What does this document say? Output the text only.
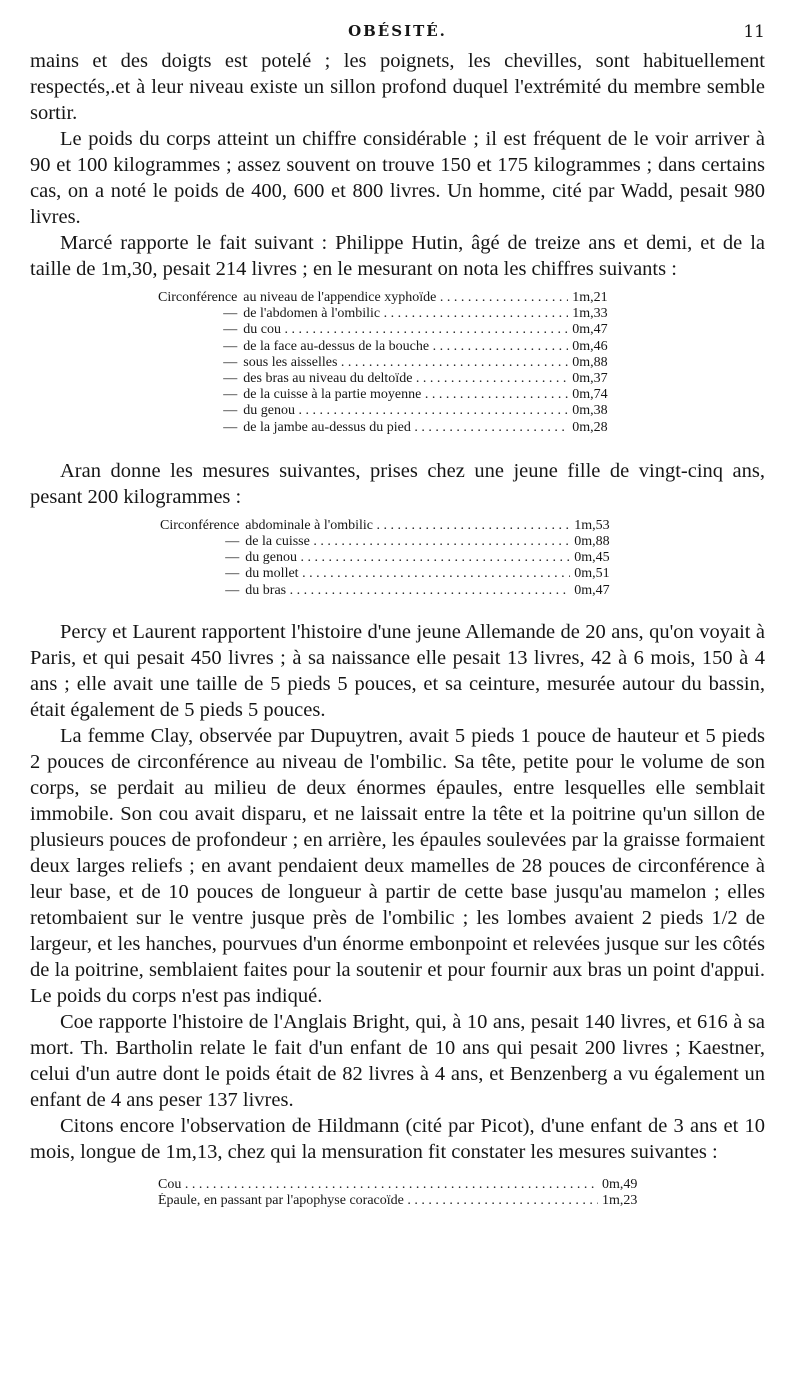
OBÉSITÉ.	11

mains et des doigts est potelé ; les poignets, les chevilles, sont habituellement respectés,.et à leur niveau existe un sillon profond duquel l'extrémité du membre semble sortir.

Le poids du corps atteint un chiffre considérable ; il est fréquent de le voir arriver à 90 et 100 kilogrammes ; assez souvent on trouve 150 et 175 kilogrammes ; dans certains cas, on a noté le poids de 400, 600 et 800 livres. Un homme, cité par Wadd, pesait 980 livres.

Marcé rapporte le fait suivant : Philippe Hutin, âgé de treize ans et demi, et de la taille de 1m,30, pesait 214 livres ; en le mesurant on nota les chiffres suivants :

Circonférence	au niveau de l'appendice xyphoïde . . .	1m,21
—	de l'abdomen à l'ombilic . . .	1m,33
—	du cou . . .	0m,47
—	de la face au-dessus de la bouche . . .	0m,46
—	sous les aisselles . . .	0m,88
—	des bras au niveau du deltoïde . . .	0m,37
—	de la cuisse à la partie moyenne . . .	0m,74
—	du genou . . .	0m,38
—	de la jambe au-dessus du pied . . .	0m,28

Aran donne les mesures suivantes, prises chez une jeune fille de vingt-cinq ans, pesant 200 kilogrammes :

Circonférence	abdominale à l'ombilic . . .	1m,53
—	de la cuisse . . .	0m,88
—	du genou . . .	0m,45
—	du mollet . . .	0m,51
—	du bras . . .	0m,47

Percy et Laurent rapportent l'histoire d'une jeune Allemande de 20 ans, qu'on voyait à Paris, et qui pesait 450 livres ; à sa naissance elle pesait 13 livres, 42 à 6 mois, 150 à 4 ans ; elle avait une taille de 5 pieds 5 pouces, et sa ceinture, mesurée autour du bassin, était également de 5 pieds 5 pouces.

La femme Clay, observée par Dupuytren, avait 5 pieds 1 pouce de hauteur et 5 pieds 2 pouces de circonférence au niveau de l'ombilic. Sa tête, petite pour le volume de son corps, se perdait au milieu de deux énormes épaules, entre lesquelles elle semblait immobile. Son cou avait disparu, et ne laissait entre la tête et la poitrine qu'un sillon de plusieurs pouces de profondeur ; en arrière, les épaules soulevées par la graisse formaient deux larges reliefs ; en avant pendaient deux mamelles de 28 pouces de circonférence à leur base, et de 10 pouces de longueur à partir de cette base jusqu'au mamelon ; elles retombaient sur le ventre jusque près de l'ombilic ; les lombes avaient 2 pieds 1/2 de largeur, et les hanches, pourvues d'un énorme embonpoint et relevées jusque sur les côtés de la poitrine, semblaient faites pour la soutenir et pour fournir aux bras un point d'appui. Le poids du corps n'est pas indiqué.

Coe rapporte l'histoire de l'Anglais Bright, qui, à 10 ans, pesait 140 livres, et 616 à sa mort. Th. Bartholin relate le fait d'un enfant de 10 ans qui pesait 200 livres ; Kaestner, celui d'un autre dont le poids était de 82 livres à 4 ans, et Benzenberg a vu également un enfant de 4 ans peser 137 livres.

Citons encore l'observation de Hildmann (cité par Picot), d'une enfant de 3 ans et 10 mois, longue de 1m,13, chez qui la mensuration fit constater les mesures suivantes :

Cou . . .	0m,49
Épaule, en passant par l'apophyse coracoïde . . .	1m,23
